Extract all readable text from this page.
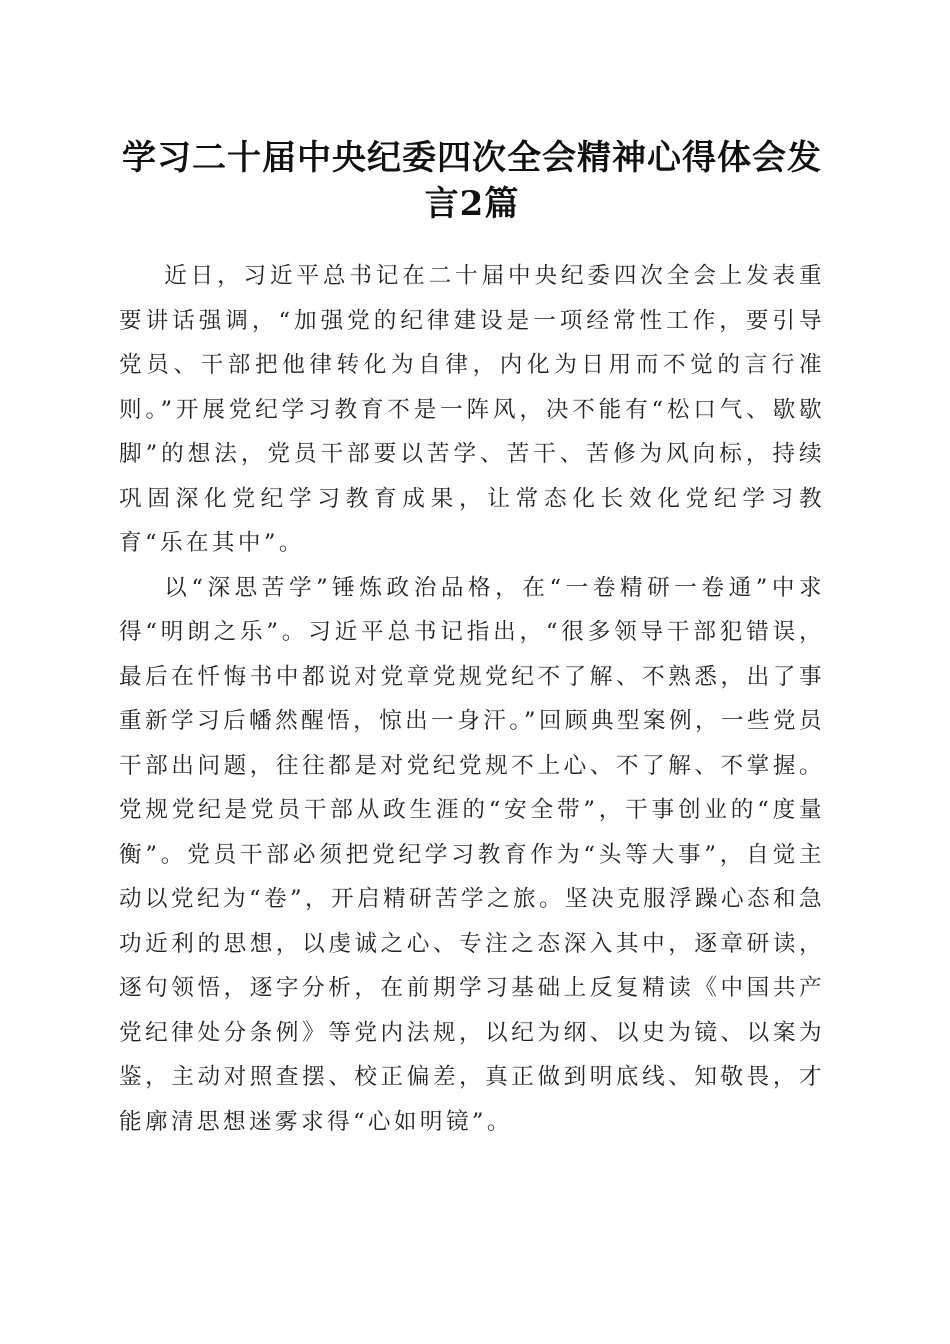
学习二十届中央纪委四次全会精神心得体会发言2篇

近日，习近平总书记在二十届中央纪委四次全会上发表重要讲话强调，“加强党的纪律建设是一项经常性工作，要引导党员、干部把他律转化为自律，内化为日用而不觉的言行准则。”开展党纪学习教育不是一阵风，决不能有“松口气、歇歇脚”的想法，党员干部要以苦学、苦干、苦修为风向标，持续巩固深化党纪学习教育成果，让常态化长效化党纪学习教育“乐在其中”。

以“深思苦学”锤炼政治品格，在“一卷精研一卷通”中求得“明朗之乐”。习近平总书记指出，“很多领导干部犯错误，最后在忏悔书中都说对党章党规党纪不了解、不熟悉，出了事重新学习后幡然醒悟，惊出一身汗。”回顾典型案例，一些党员干部出问题，往往都是对党纪党规不上心、不了解、不掌握。党规党纪是党员干部从政生涯的“安全带”，干事创业的“度量衡”。党员干部必须把党纪学习教育作为“头等大事”，自觉主动以党纪为“卷”，开启精研苦学之旅。坚决克服浮躁心态和急功近利的思想，以虔诚之心、专注之态深入其中，逐章研读，逐句领悟，逐字分析，在前期学习基础上反复精读《中国共产党纪律处分条例》等党内法规，以纪为纲、以史为镜、以案为鉴，主动对照查摆、校正偏差，真正做到明底线、知敬畏，才能廓清思想迷雾求得“心如明镜”。
